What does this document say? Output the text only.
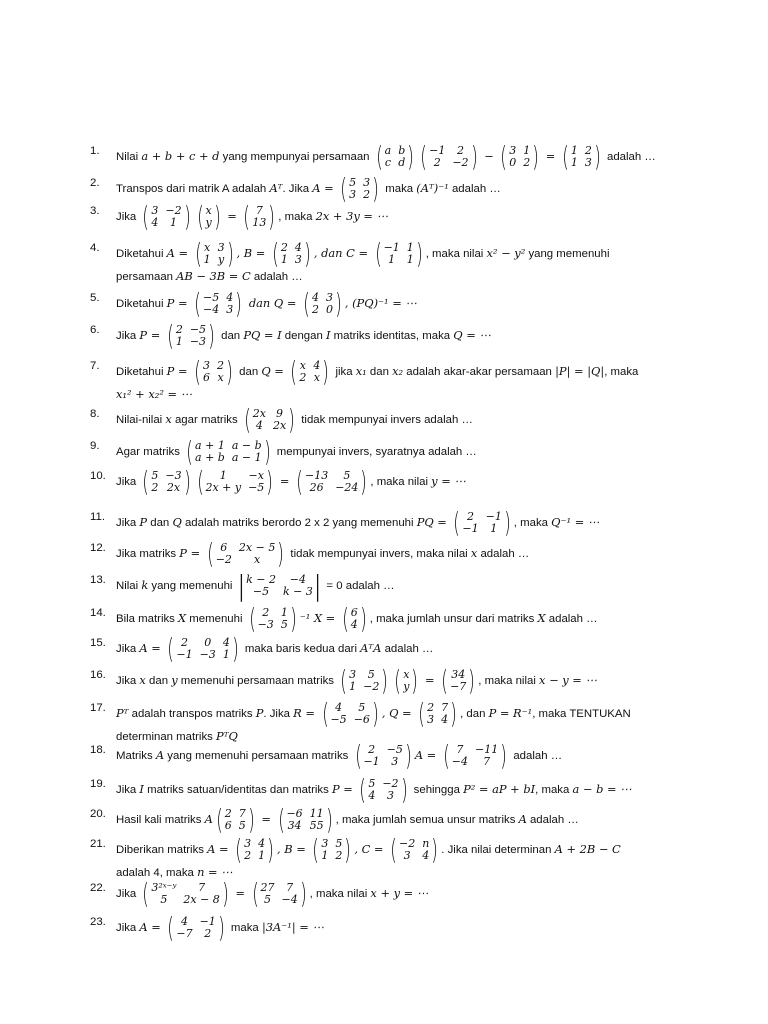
1.
Nilai a + b + c + d yang mempunyai persamaan ( a b
c d ) ( −1	2
2	−2 ) − ( 3 1
0 2 ) = ( 1 2
1 3 ) adalah …
2.
Transpos dari matrik A adalah Aᵀ. Jika A = ( 5 3
3 2 ) maka (Aᵀ)⁻¹ adalah …
3.
Jika ( 3 −2
4	1 ) ( x
y ) = ( 7
13 ) , maka 2x + 3y = ⋯
4.
Diketahui A = ( x 3
1 y ) , B = ( 2 4
1 3 ) , dan C = ( −1 1
1	1 ) , maka nilai x² − y² yang memenuhi
persamaan AB − 3B = C adalah …
5.
Diketahui P = ( −5 4
−4 3 ) dan Q = ( 4 3
2 0 ) , (PQ)⁻¹ = ⋯
6.
Jika P = ( 2 −5
1 −3 ) dan PQ = I dengan I matriks identitas, maka Q = ⋯
7.
Diketahui P = ( 3 2
6 x ) dan Q = ( x 4
2 x ) jika x₁ dan x₂ adalah akar-akar persamaan |P| = |Q|, maka
x₁² + x₂² = ⋯
8.
Nilai-nilai x agar matriks ( 2x 9
4 2x ) tidak mempunyai invers adalah …
9.
Agar matriks ( a + 1 a − b
a + b a − 1 ) mempunyai invers, syaratnya adalah …
10.
Jika ( 5 −3
2 2x ) (	1	−x
2x + y −5 ) = ( −13	5
26	−24 ) , maka nilai y = ⋯
11.
Jika P dan Q adalah matriks berordo 2 x 2 yang memenuhi PQ = ( 2	−1
−1	1 ) , maka Q⁻¹ = ⋯
12.
Jika matriks P = ( 6	2x − 5
−2	x ) tidak mempunyai invers, maka nilai x adalah …
13.
Nilai k yang memenuhi | k − 2	−4
−5	k − 3 | = 0 adalah …
14.
Bila matriks X memenuhi ( 2	1
−3 5 ) ⁻¹ X = ( 6
4 ) , maka jumlah unsur dari matriks X adalah …
15.
Jika A = ( 2	0	4
−1 −3 1 ) maka baris kedua dari AᵀA adalah …
16.
Jika x dan y memenuhi persamaan matriks ( 3	5
1 −2 ) ( x
y ) = ( 34
−7 ) , maka nilai x − y = ⋯
17. Pᵀ adalah transpos matriks P. Jika R = ( 4	5
−5 −6 ) , Q = ( 2 7
3 4 ) , dan P = R⁻¹, maka TENTUKAN
determinan matriks PᵀQ
18.
Matriks A yang memenuhi persamaan matriks ( 2	−5
−1	3 ) A = ( 7	−11
−4	7 ) adalah …
19.
Jika I matriks satuan/identitas dan matriks P = ( 5 −2
4	3 ) sehingga P² = aP + bI, maka a − b = ⋯
20.
Hasil kali matriks A ( 2 7
6 5 ) = ( −6 11
34 55 ) , maka jumlah semua unsur matriks A adalah …
21.
Diberikan matriks A = ( 3 4
2 1 ) , B = ( 3 5
1 2 ) , C = ( −2 n
3	4 ) . Jika nilai determinan A + 2B − C
adalah 4, maka n = ⋯
22.
Jika ( 3²ˣ⁻ʸ	7
5	2x − 8 ) = ( 27	7
5 −4 ) , maka nilai x + y = ⋯
23.
Jika A = ( 4	−1
−7	2 ) maka |3A⁻¹| = ⋯
